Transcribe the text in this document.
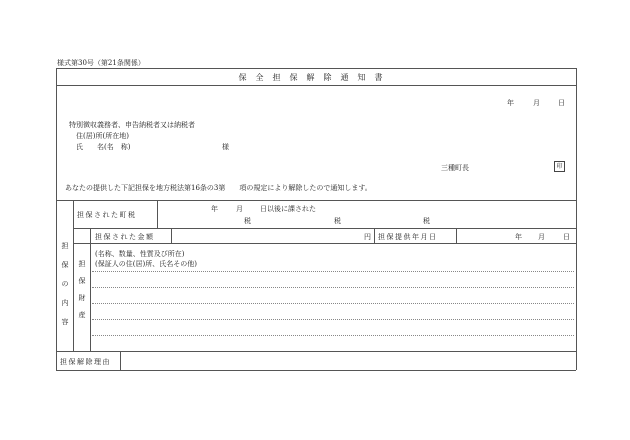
様式第30号（第21条関係）
保全担保解除通知書
年	月	日
特別徴収義務者、申告納税者又は納税者
住(居)所(所在地)
氏　　名(名　称)	様
三種町長	印
あなたの提供した下記担保を地方税法第16条の3第　　項の規定により解除したので通知します。
担保された町税
年	月 日以後に課された
税	税	税
担
保
の
内
容
担保された金額	円 担保提供年月日	年 月	日
担
保
財
産
(名称、数量、性質及び所在)
(保証人の住(居)所、氏名その他)
担保解除理由
